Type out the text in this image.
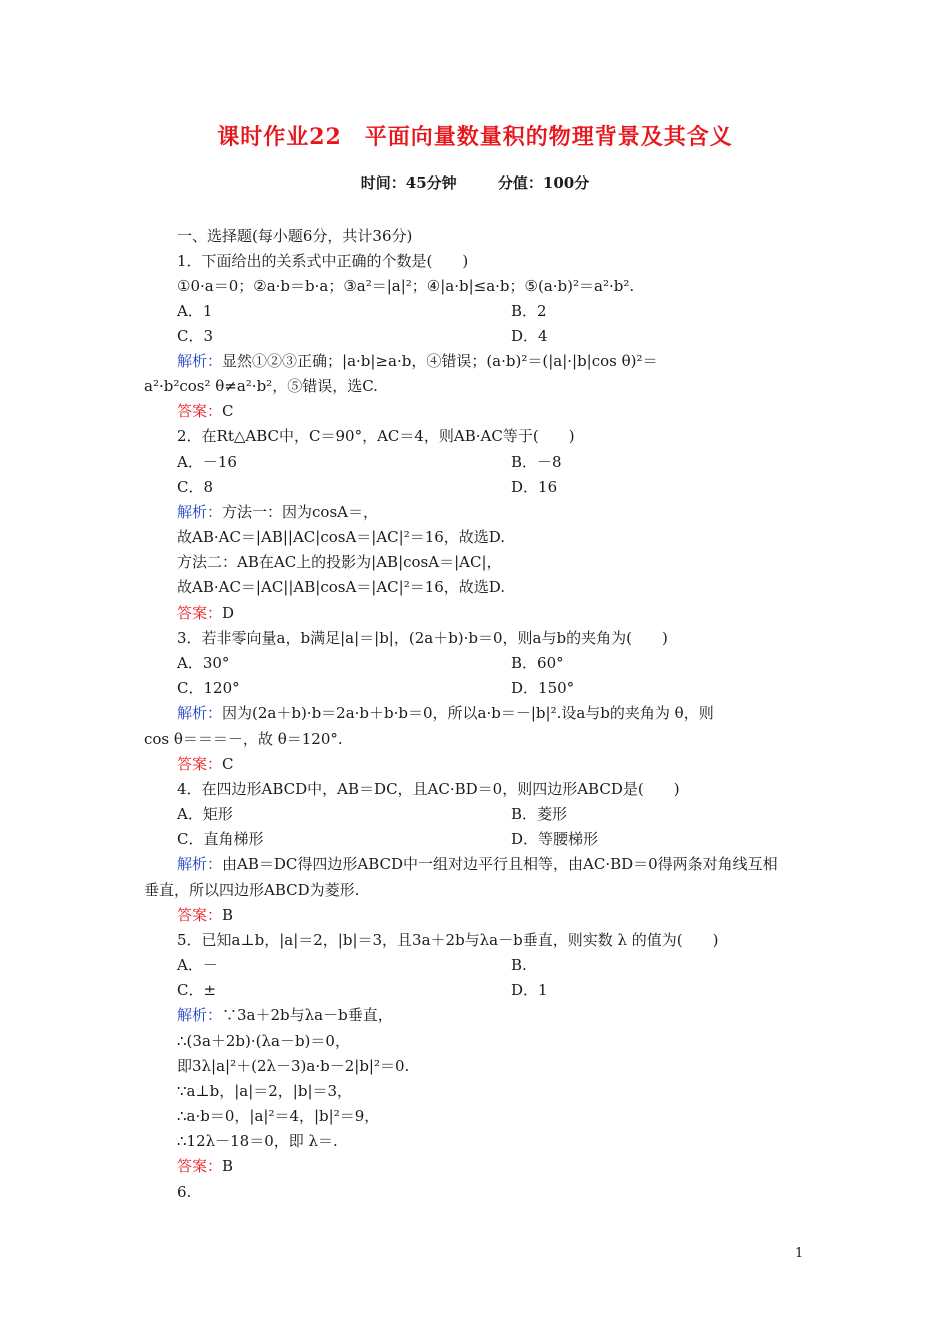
课时作业22　平面向量数量积的物理背景及其含义
时间：45分钟	分值：100分
一、选择题(每小题6分，共计36分)
1．下面给出的关系式中正确的个数是(　　)
①0·a＝0；②a·b＝b·a；③a²＝|a|²；④|a·b|≤a·b；⑤(a·b)²＝a²·b².
A．1	B．2
C．3	D．4
解析：显然①②③正确；|a·b|≥a·b，④错误；(a·b)²＝(|a|·|b|cos θ)²＝
a²·b²cos² θ≠a²·b²，⑤错误，选C.
答案：C
2．在Rt△ABC中，C＝90°，AC＝4，则AB·AC等于(　　)
A．－16	B．－8
C．8	D．16
解析：方法一：因为cosA＝，
故AB·AC＝|AB||AC|cosA＝|AC|²＝16，故选D.
方法二：AB在AC上的投影为|AB|cosA＝|AC|，
故AB·AC＝|AC||AB|cosA＝|AC|²＝16，故选D.
答案：D
3．若非零向量a，b满足|a|＝|b|，(2a＋b)·b＝0，则a与b的夹角为(　　)
A．30°	B．60°
C．120°	D．150°
解析：因为(2a＋b)·b＝2a·b＋b·b＝0，所以a·b＝－|b|².设a与b的夹角为 θ，则
cos θ＝＝＝－，故 θ＝120°.
答案：C
4．在四边形ABCD中，AB＝DC，且AC·BD＝0，则四边形ABCD是(　　)
A．矩形	B．菱形
C．直角梯形	D．等腰梯形
解析：由AB＝DC得四边形ABCD中一组对边平行且相等，由AC·BD＝0得两条对角线互相
垂直，所以四边形ABCD为菱形.
答案：B
5．已知a⊥b，|a|＝2，|b|＝3，且3a＋2b与λa－b垂直，则实数 λ 的值为(　　)
A．－	B.
C．±	D．1
解析：∵3a＋2b与λa－b垂直，
∴(3a＋2b)·(λa－b)＝0，
即3λ|a|²＋(2λ－3)a·b－2|b|²＝0.
∵a⊥b，|a|＝2，|b|＝3，
∴a·b＝0，|a|²＝4，|b|²＝9，
∴12λ－18＝0，即 λ＝.
答案：B
6.
1
